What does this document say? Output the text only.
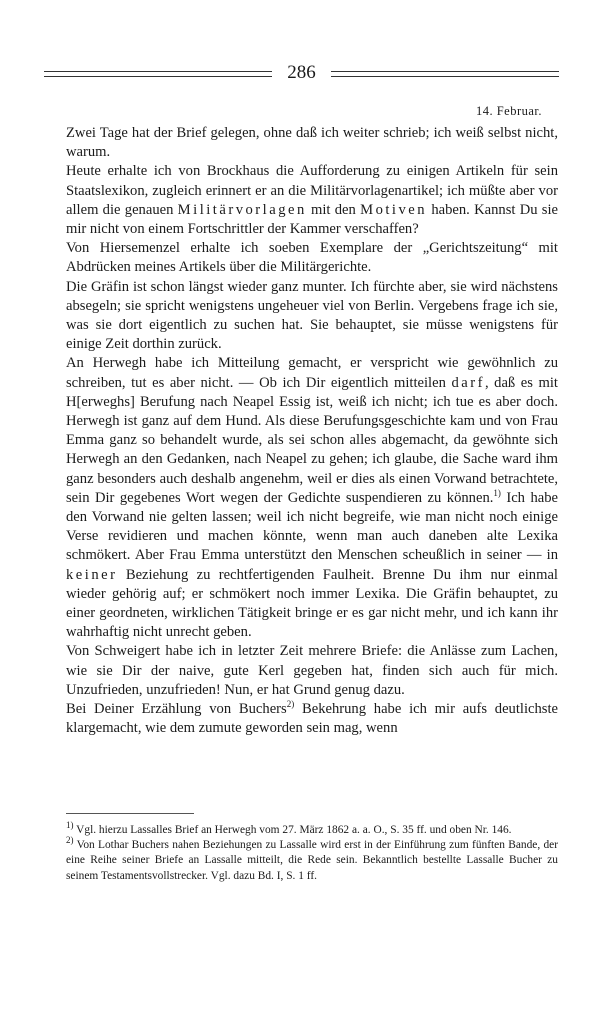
286
14. Februar.

Zwei Tage hat der Brief gelegen, ohne daß ich weiter schrieb; ich weiß selbst nicht, warum.

Heute erhalte ich von Brockhaus die Aufforderung zu einigen Artikeln für sein Staatslexikon, zugleich erinnert er an die Militärvorlagenartikel; ich müßte aber vor allem die genauen Militärvorlagen mit den Motiven haben. Kannst Du sie mir nicht von einem Fortschrittler der Kammer verschaffen?

Von Hiersemenzel erhalte ich soeben Exemplare der „Gerichtszeitung“ mit Abdrücken meines Artikels über die Militärgerichte.

Die Gräfin ist schon längst wieder ganz munter. Ich fürchte aber, sie wird nächstens absegeln; sie spricht wenigstens ungeheuer viel von Berlin. Vergebens frage ich sie, was sie dort eigentlich zu suchen hat. Sie behauptet, sie müsse wenigstens für einige Zeit dorthin zurück.

An Herwegh habe ich Mitteilung gemacht, er verspricht wie gewöhnlich zu schreiben, tut es aber nicht. — Ob ich Dir eigentlich mitteilen darf, daß es mit H[erweghs] Berufung nach Neapel Essig ist, weiß ich nicht; ich tue es aber doch. Herwegh ist ganz auf dem Hund. Als diese Berufungsgeschichte kam und von Frau Emma ganz so behandelt wurde, als sei schon alles abgemacht, da gewöhnte sich Herwegh an den Gedanken, nach Neapel zu gehen; ich glaube, die Sache ward ihm ganz besonders auch deshalb angenehm, weil er dies als einen Vorwand betrachtete, sein Dir gegebenes Wort wegen der Gedichte suspendieren zu können.$^{1)}$ Ich habe den Vorwand nie gelten lassen; weil ich nicht begreife, wie man nicht noch einige Verse revidieren und machen könnte, wenn man auch daneben alte Lexika schmökert. Aber Frau Emma unterstützt den Menschen scheußlich in seiner — in keiner Beziehung zu rechtfertigenden Faulheit. Brenne Du ihm nur einmal wieder gehörig auf; er schmökert noch immer Lexika. Die Gräfin behauptet, zu einer geordneten, wirklichen Tätigkeit bringe er es gar nicht mehr, und ich kann ihr wahrhaftig nicht unrecht geben.

Von Schweigert habe ich in letzter Zeit mehrere Briefe: die Anlässe zum Lachen, wie sie Dir der naive, gute Kerl gegeben hat, finden sich auch für mich. Unzufrieden, unzufrieden! Nun, er hat Grund genug dazu.

Bei Deiner Erzählung von Buchers$^{2)}$ Bekehrung habe ich mir aufs deutlichste klargemacht, wie dem zumute geworden sein mag, wenn

$^{1)}$ Vgl. hierzu Lassalles Brief an Herwegh vom 27. März 1862 a. a. O., S. 35 ff. und oben Nr. 146.

$^{2)}$ Von Lothar Buchers nahen Beziehungen zu Lassalle wird erst in der Einführung zum fünften Bande, der eine Reihe seiner Briefe an Lassalle mitteilt, die Rede sein. Bekanntlich bestellte Lassalle Bucher zu seinem Testamentsvollstrecker. Vgl. dazu Bd. I, S. 1 ff.
